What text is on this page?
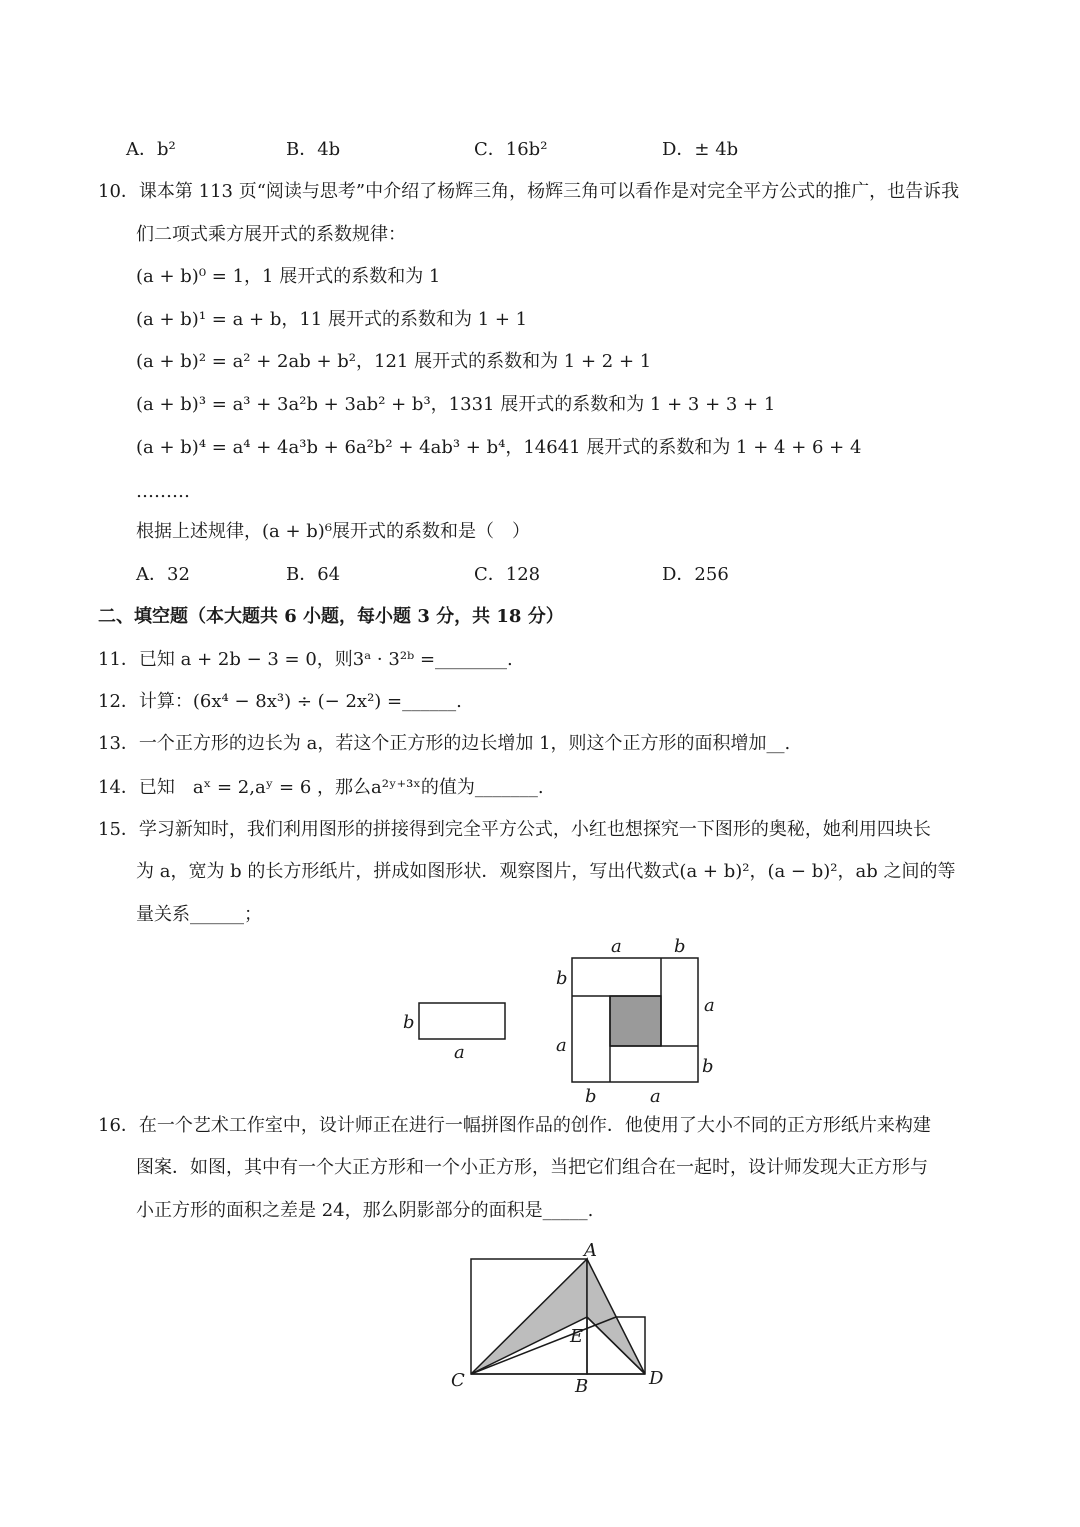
A．b²	B．4b	C．16b²	D．± 4b
10．课本第 113 页“阅读与思考”中介绍了杨辉三角，杨辉三角可以看作是对完全平方公式的推广，也告诉我
们二项式乘方展开式的系数规律：
(a + b)⁰ = 1，1 展开式的系数和为 1
(a + b)¹ = a + b，11 展开式的系数和为 1 + 1
(a + b)² = a² + 2ab + b²，121 展开式的系数和为 1 + 2 + 1
(a + b)³ = a³ + 3a²b + 3ab² + b³，1331 展开式的系数和为 1 + 3 + 3 + 1
(a + b)⁴ = a⁴ + 4a³b + 6a²b² + 4ab³ + b⁴，14641 展开式的系数和为 1 + 4 + 6 + 4
………
根据上述规律，(a + b)⁶展开式的系数和是（　）
A．32	B．64	C．128	D．256
二、填空题（本大题共 6 小题，每小题 3 分，共 18 分）
11．已知 a + 2b − 3 = 0，则3ᵃ · 3²ᵇ =________.
12．计算：(6x⁴ − 8x³) ÷ (− 2x²) =______.
13．一个正方形的边长为 a，若这个正方形的边长增加 1，则这个正方形的面积增加__.
14．已知　aˣ = 2,aʸ = 6 ，那么a²ʸ⁺³ˣ的值为_______.
15．学习新知时，我们利用图形的拼接得到完全平方公式，小红也想探究一下图形的奥秘，她利用四块长
为 a，宽为 b 的长方形纸片，拼成如图形状．观察图片，写出代数式(a + b)²，(a − b)²，ab 之间的等
量关系______；
b
a
a	b
b
a
a
b
b	a
A
E
C	B	D
16．在一个艺术工作室中，设计师正在进行一幅拼图作品的创作．他使用了大小不同的正方形纸片来构建
图案．如图，其中有一个大正方形和一个小正方形，当把它们组合在一起时，设计师发现大正方形与
小正方形的面积之差是 24，那么阴影部分的面积是_____.
